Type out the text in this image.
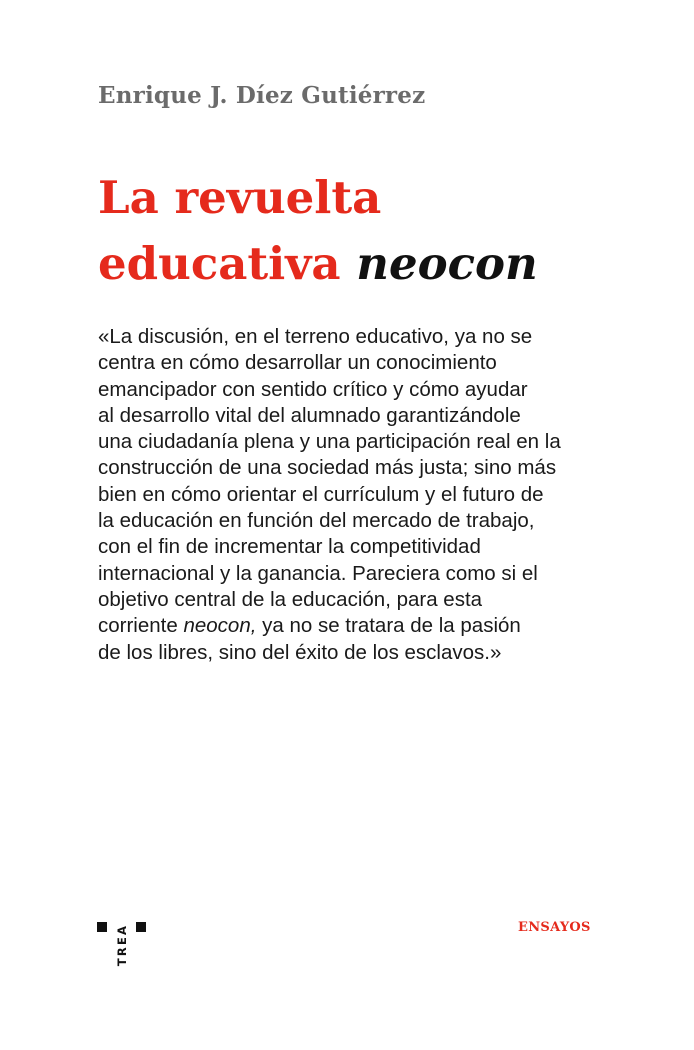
Enrique J. Díez Gutiérrez
La revuelta
educativa neocon
«La discusión, en el terreno educativo, ya no se
centra en cómo desarrollar un conocimiento
emancipador con sentido crítico y cómo ayudar
al desarrollo vital del alumnado garantizándole
una ciudadanía plena y una participación real en la
construcción de una sociedad más justa; sino más
bien en cómo orientar el currículum y el futuro de
la educación en función del mercado de trabajo,
con el fin de incrementar la competitividad
internacional y la ganancia. Pareciera como si el
objetivo central de la educación, para esta
corriente neocon, ya no se tratara de la pasión
de los libres, sino del éxito de los esclavos.»
TREA	ENSAYOS
